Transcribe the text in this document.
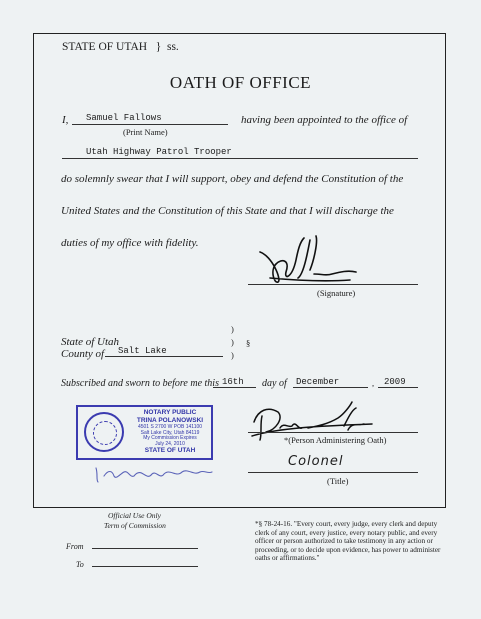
STATE OF UTAH } ss.
OATH OF OFFICE
I, Samuel Fallows
(Print Name)
having been appointed to the office of
Utah Highway Patrol Trooper
do solemnly swear that I will support, obey and defend the Constitution of the
United States and the Constitution of this State and that I will discharge the
duties of my office with fidelity.
(Signature)
State of Utah
County of Salt Lake
)
)
)
§
Subscribed and sworn to before me this 16th day of December	, 2009
NOTARY PUBLIC
TRINA POLANOWSKI
4501 S 2700 W POB 141100
Salt Lake City, Utah 84119
My Commission Expires
July 24, 2010
STATE OF UTAH
*(Person Administering Oath)
Colonel
(Title)
Official Use Only
Term of Commission
From
To
*§ 78-24-16. "Every court, every judge, every clerk and deputy clerk of any court, every justice, every notary public, and every officer or person authorized to take testimony in any action or proceeding, or to decide upon evidence, has power to administer oaths or affirmations."
